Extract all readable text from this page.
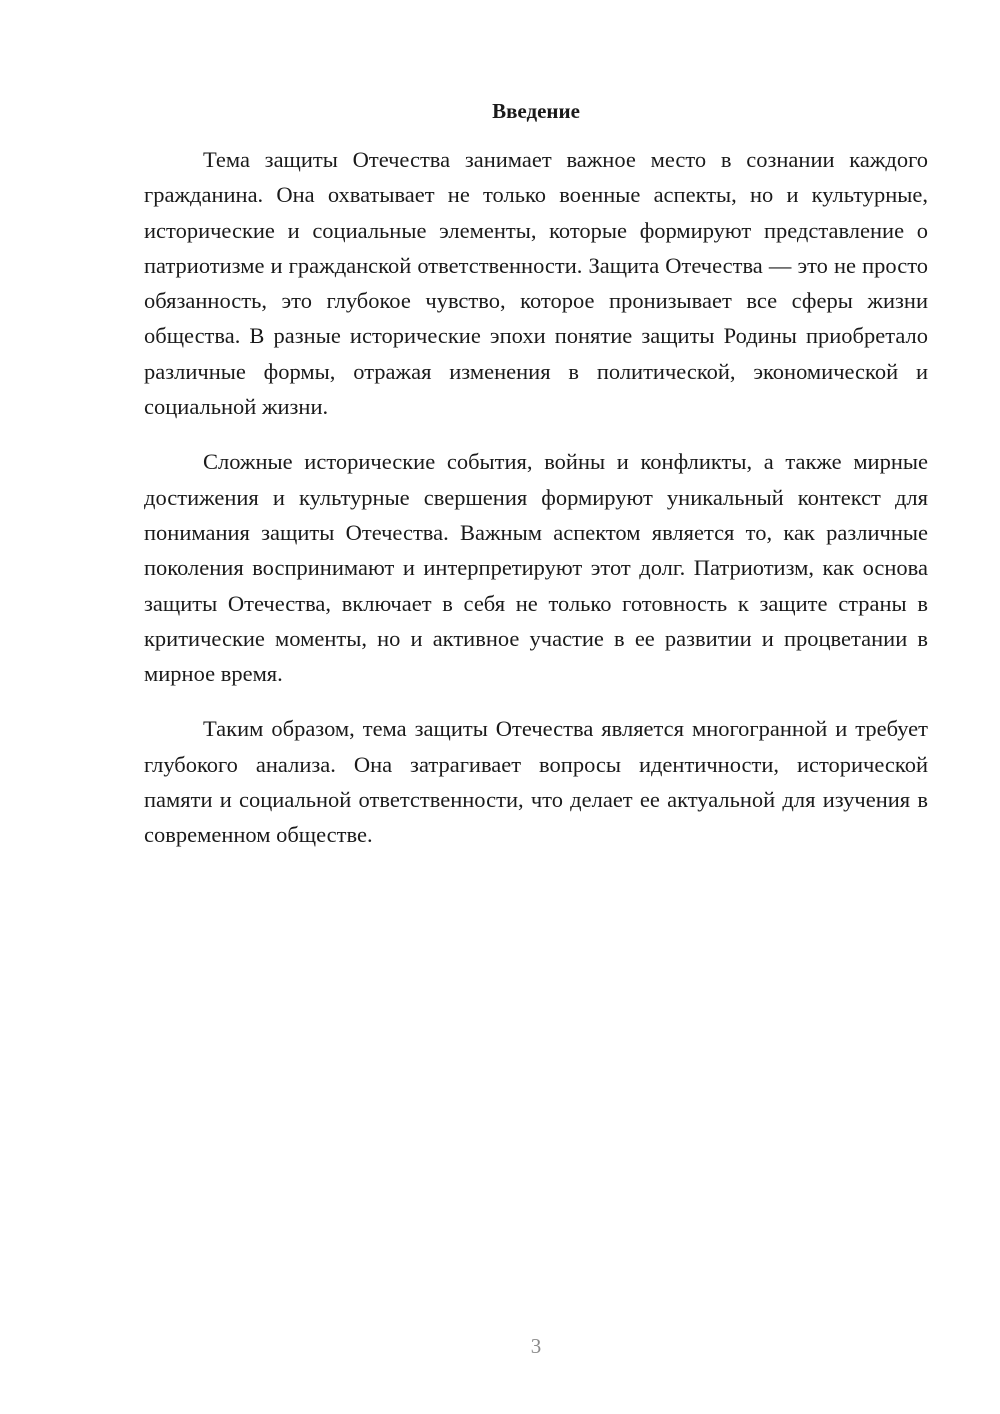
Введение

Тема защиты Отечества занимает важное место в сознании каждого гражданина. Она охватывает не только военные аспекты, но и культурные, исторические и социальные элементы, которые формируют представление о патриотизме и гражданской ответственности. Защита Отечества — это не просто обязанность, это глубокое чувство, которое пронизывает все сферы жизни общества. В разные исторические эпохи понятие защиты Родины приобретало различные формы, отражая изменения в политической, экономической и социальной жизни.

Сложные исторические события, войны и конфликты, а также мирные достижения и культурные свершения формируют уникальный контекст для понимания защиты Отечества. Важным аспектом является то, как различные поколения воспринимают и интерпретируют этот долг. Патриотизм, как основа защиты Отечества, включает в себя не только готовность к защите страны в критические моменты, но и активное участие в ее развитии и процветании в мирное время.

Таким образом, тема защиты Отечества является многогранной и требует глубокого анализа. Она затрагивает вопросы идентичности, исторической памяти и социальной ответственности, что делает ее актуальной для изучения в современном обществе.

3
